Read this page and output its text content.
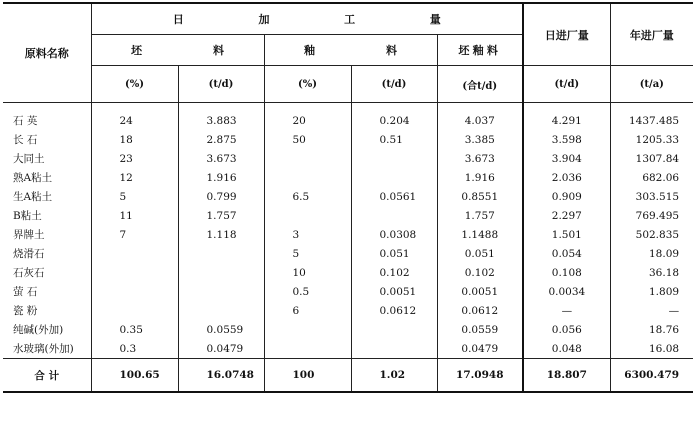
原料名称	日 加 工 量					日进厂量	年进厂量

	坯 料		釉 料		坯釉料		
	(%)	(t/d)	(%)	(t/d)	(合t/d)	(t/d)	(t/a)
石 英	24	3.883	20	0.204	4.037	4.291	1437.485
长 石	18	2.875	50	0.51	3.385	3.598	1205.33
大同土	23	3.673			3.673	3.904	1307.84
熟A粘土	12	1.916			1.916	2.036	682.06
生A粘土	5	0.799	6.5	0.0561	0.8551	0.909	303.515
B粘土	11	1.757			1.757	2.297	769.495
界牌土	7	1.118	3	0.0308	1.1488	1.501	502.835
烧滑石			5	0.051	0.051	0.054	18.09
石灰石			10	0.102	0.102	0.108	36.18
萤 石			0.5	0.0051	0.0051	0.0034	1.809
瓷 粉			6	0.0612	0.0612	—	—
纯碱(外加)	0.35	0.0559			0.0559	0.056	18.76
水玻璃(外加)	0.3	0.0479			0.0479	0.048	16.08
合 计	100.65	16.0748	100	1.02	17.0948	18.807	6300.479
